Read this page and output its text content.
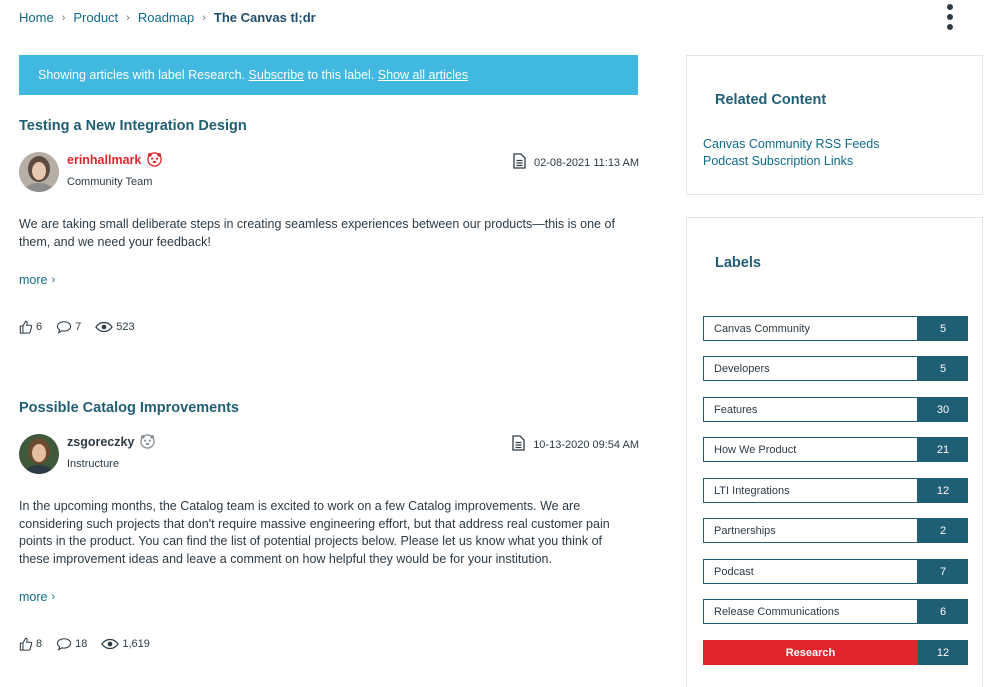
Home › Product › Roadmap › The Canvas tl;dr
Showing articles with label Research. Subscribe to this label. Show all articles
Testing a New Integration Design
erinhallmark
Community Team
02-08-2021 11:13 AM
We are taking small deliberate steps in creating seamless experiences between our products—this is one of them, and we need your feedback!
more ›
6	7	523
Possible Catalog Improvements
zsgoreczky
Instructure
10-13-2020 09:54 AM
In the upcoming months, the Catalog team is excited to work on a few Catalog improvements. We are considering such projects that don't require massive engineering effort, but that address real customer pain points in the product. You can find the list of potential projects below. Please let us know what you think of these improvement ideas and leave a comment on how helpful they would be for your institution.
more ›
8	18	1,619
Related Content
Canvas Community RSS Feeds
Podcast Subscription Links
Labels
Canvas Community	5
Developers	5
Features	30
How We Product	21
LTI Integrations	12
Partnerships	2
Podcast	7
Release Communications	6
Research	12
